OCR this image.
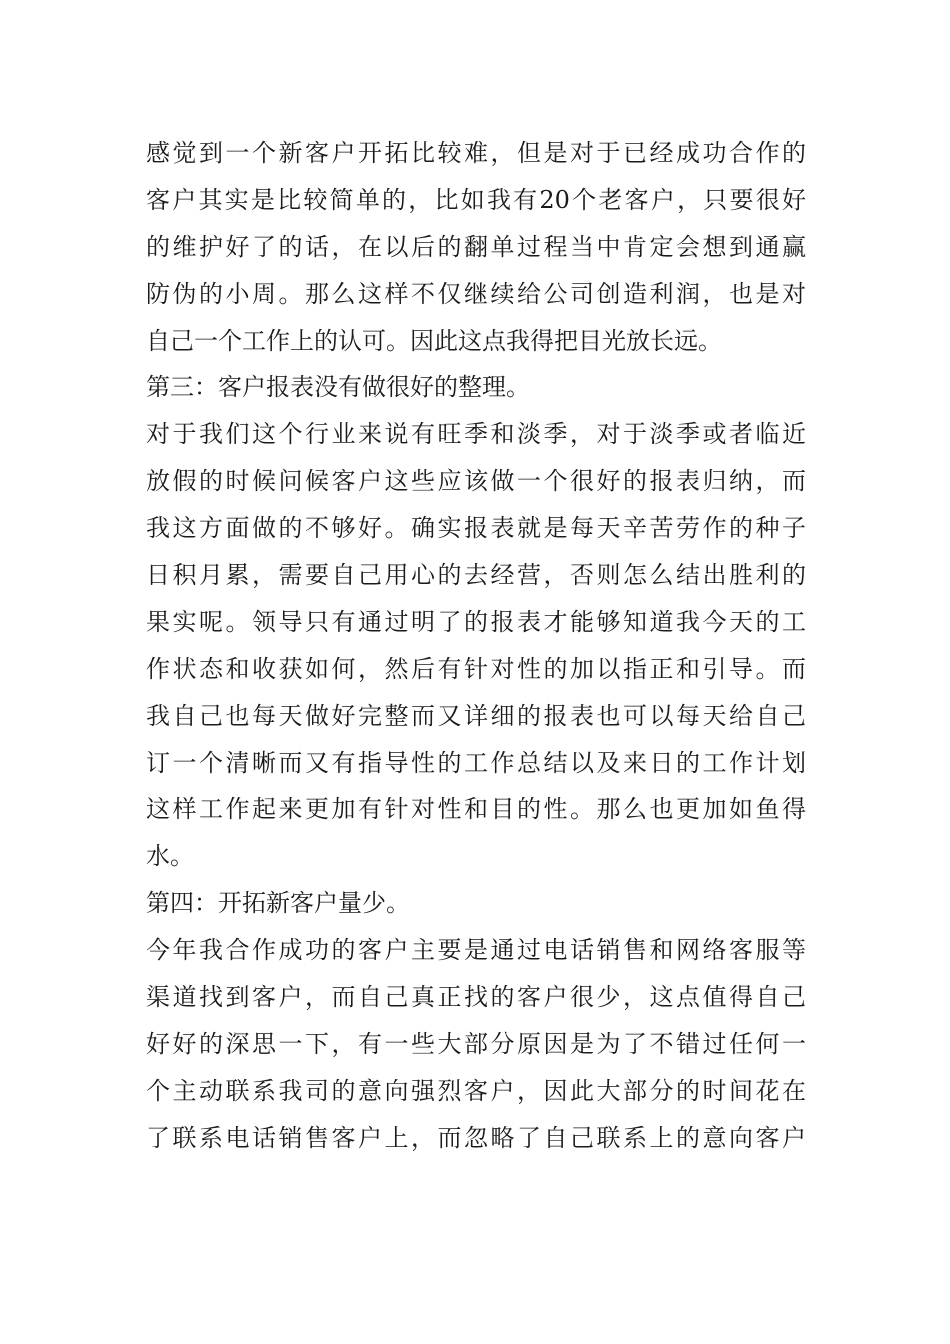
感觉到一个新客户开拓比较难，但是对于已经成功合作的
客户其实是比较简单的，比如我有20个老客户，只要很好
的维护好了的话，在以后的翻单过程当中肯定会想到通赢
防伪的小周。那么这样不仅继续给公司创造利润，也是对
自己一个工作上的认可。因此这点我得把目光放长远。
第三：客户报表没有做很好的整理。
对于我们这个行业来说有旺季和淡季，对于淡季或者临近
放假的时候问候客户这些应该做一个很好的报表归纳，而
我这方面做的不够好。确实报表就是每天辛苦劳作的种子
日积月累，需要自己用心的去经营，否则怎么结出胜利的
果实呢。领导只有通过明了的报表才能够知道我今天的工
作状态和收获如何，然后有针对性的加以指正和引导。而
我自己也每天做好完整而又详细的报表也可以每天给自己
订一个清晰而又有指导性的工作总结以及来日的工作计划
这样工作起来更加有针对性和目的性。那么也更加如鱼得
水。
第四：开拓新客户量少。
今年我合作成功的客户主要是通过电话销售和网络客服等
渠道找到客户，而自己真正找的客户很少，这点值得自己
好好的深思一下，有一些大部分原因是为了不错过任何一
个主动联系我司的意向强烈客户，因此大部分的时间花在
了联系电话销售客户上，而忽略了自己联系上的意向客户
